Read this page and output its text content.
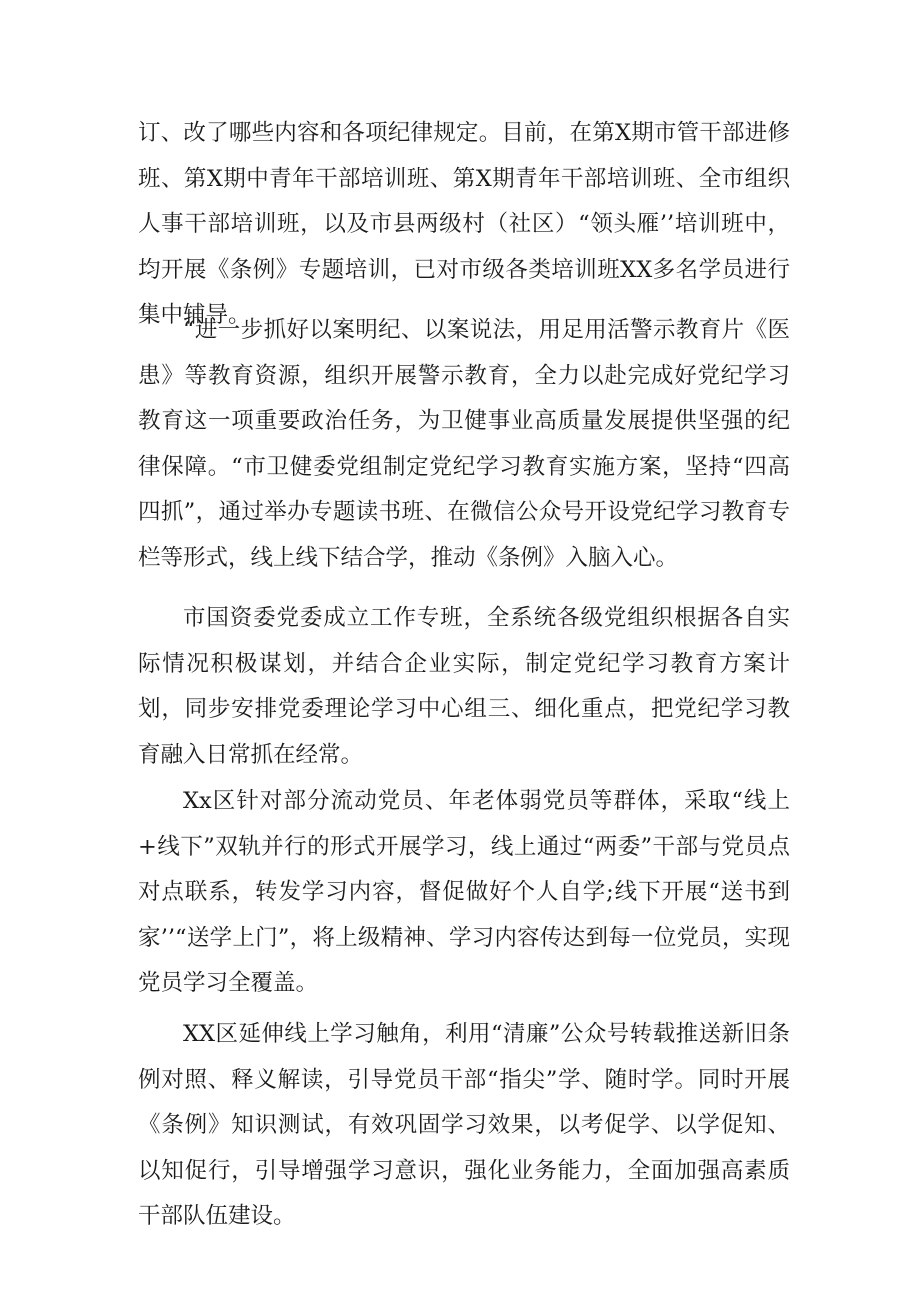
订、改了哪些内容和各项纪律规定。目前，在第X期市管干部进修班、第X期中青年干部培训班、第X期青年干部培训班、全市组织人事干部培训班，以及市县两级村（社区）“领头雁’’培训班中，均开展《条例》专题培训，已对市级各类培训班XX多名学员进行集中辅导。

“进一步抓好以案明纪、以案说法，用足用活警示教育片《医患》等教育资源，组织开展警示教育，全力以赴完成好党纪学习教育这一项重要政治任务，为卫健事业高质量发展提供坚强的纪律保障。“市卫健委党组制定党纪学习教育实施方案，坚持“四高四抓”，通过举办专题读书班、在微信公众号开设党纪学习教育专栏等形式，线上线下结合学，推动《条例》入脑入心。

市国资委党委成立工作专班，全系统各级党组织根据各自实际情况积极谋划，并结合企业实际，制定党纪学习教育方案计划，同步安排党委理论学习中心组三、细化重点，把党纪学习教育融入日常抓在经常。

Xx区针对部分流动党员、年老体弱党员等群体，采取“线上+线下”双轨并行的形式开展学习，线上通过“两委”干部与党员点对点联系，转发学习内容，督促做好个人自学;线下开展“送书到家’’“送学上门”，将上级精神、学习内容传达到每一位党员，实现党员学习全覆盖。

XX区延伸线上学习触角，利用“清廉”公众号转载推送新旧条例对照、释义解读，引导党员干部“指尖”学、随时学。同时开展《条例》知识测试，有效巩固学习效果，以考促学、以学促知、以知促行，引导增强学习意识，强化业务能力，全面加强高素质干部队伍建设。
